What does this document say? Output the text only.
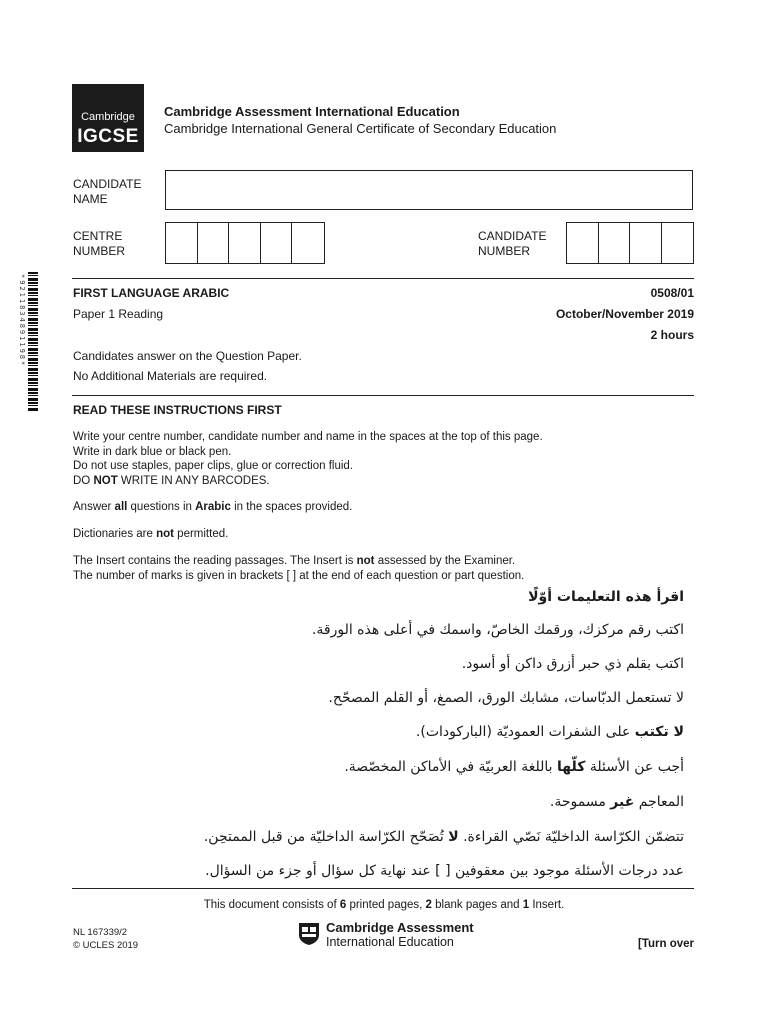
Cambridge
IGCSE
Cambridge Assessment International Education
Cambridge International General Certificate of Secondary Education
CANDIDATE
NAME
CENTRE
NUMBER
CANDIDATE
NUMBER
*9211834891198*	FIRST LANGUAGE ARABIC	0508/01
Paper 1 Reading	October/November 2019
2 hours
Candidates answer on the Question Paper.
No Additional Materials are required.
READ THESE INSTRUCTIONS FIRST
Write your centre number, candidate number and name in the spaces at the top of this page.
Write in dark blue or black pen.
Do not use staples, paper clips, glue or correction fluid.
DO NOT WRITE IN ANY BARCODES.
Answer all questions in Arabic in the spaces provided.
Dictionaries are not permitted.
The Insert contains the reading passages. The Insert is not assessed by the Examiner.
The number of marks is given in brackets [ ] at the end of each question or part question.
اقرأ هذه التعليمات أوّلًا
اكتب رقم مركزك، ورقمك الخاصّ، واسمك في أعلى هذه الورقة.
اكتب بقلم ذي حبر أزرق داكن أو أسود.
لا تستعمل الدبّاسات، مشابك الورق، الصمغ، أو القلم المصحّح.
لا تكتب على الشفرات العموديّة (الباركودات).
أجب عن الأسئلة كلّها باللغة العربيّة في الأماكن المخصّصة.
المعاجم غير مسموحة.
تتضمّن الكرّاسة الداخليّة نَصّي القراءة. لا تُصَحّح الكرّاسة الداخليّة من قبل الممتحِن.
عدد درجات الأسئلة موجود بين معقوفين [ ] عند نهاية كل سؤال أو جزء من السؤال.
This document consists of 6 printed pages, 2 blank pages and 1 Insert.
NL 167339/2
© UCLES 2019
Cambridge Assessment
International Education	[Turn over
